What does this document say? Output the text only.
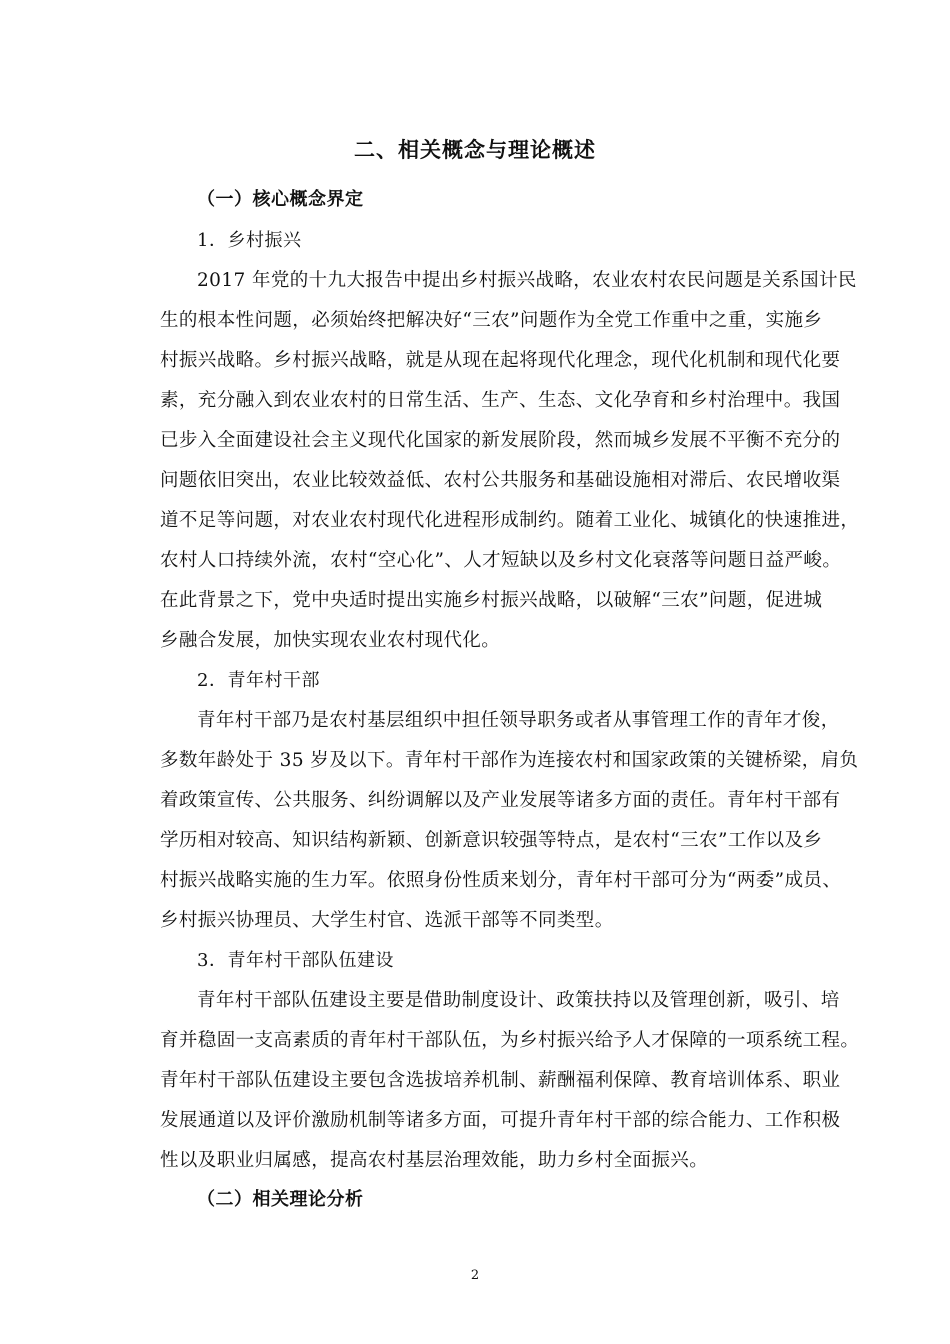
二、相关概念与理论概述
（一）核心概念界定
1．乡村振兴
2017 年党的十九大报告中提出乡村振兴战略，农业农村农民问题是关系国计民
生的根本性问题，必须始终把解决好“三农”问题作为全党工作重中之重，实施乡
村振兴战略。乡村振兴战略，就是从现在起将现代化理念，现代化机制和现代化要
素，充分融入到农业农村的日常生活、生产、生态、文化孕育和乡村治理中。我国
已步入全面建设社会主义现代化国家的新发展阶段，然而城乡发展不平衡不充分的
问题依旧突出，农业比较效益低、农村公共服务和基础设施相对滞后、农民增收渠
道不足等问题，对农业农村现代化进程形成制约。随着工业化、城镇化的快速推进，
农村人口持续外流，农村“空心化”、人才短缺以及乡村文化衰落等问题日益严峻。
在此背景之下，党中央适时提出实施乡村振兴战略，以破解“三农”问题，促进城
乡融合发展，加快实现农业农村现代化。
2．青年村干部
青年村干部乃是农村基层组织中担任领导职务或者从事管理工作的青年才俊，
多数年龄处于 35 岁及以下。青年村干部作为连接农村和国家政策的关键桥梁，肩负
着政策宣传、公共服务、纠纷调解以及产业发展等诸多方面的责任。青年村干部有
学历相对较高、知识结构新颖、创新意识较强等特点，是农村“三农”工作以及乡
村振兴战略实施的生力军。依照身份性质来划分，青年村干部可分为“两委”成员、
乡村振兴协理员、大学生村官、选派干部等不同类型。
3．青年村干部队伍建设
青年村干部队伍建设主要是借助制度设计、政策扶持以及管理创新，吸引、培
育并稳固一支高素质的青年村干部队伍，为乡村振兴给予人才保障的一项系统工程。
青年村干部队伍建设主要包含选拔培养机制、薪酬福利保障、教育培训体系、职业
发展通道以及评价激励机制等诸多方面，可提升青年村干部的综合能力、工作积极
性以及职业归属感，提高农村基层治理效能，助力乡村全面振兴。
（二）相关理论分析
2
